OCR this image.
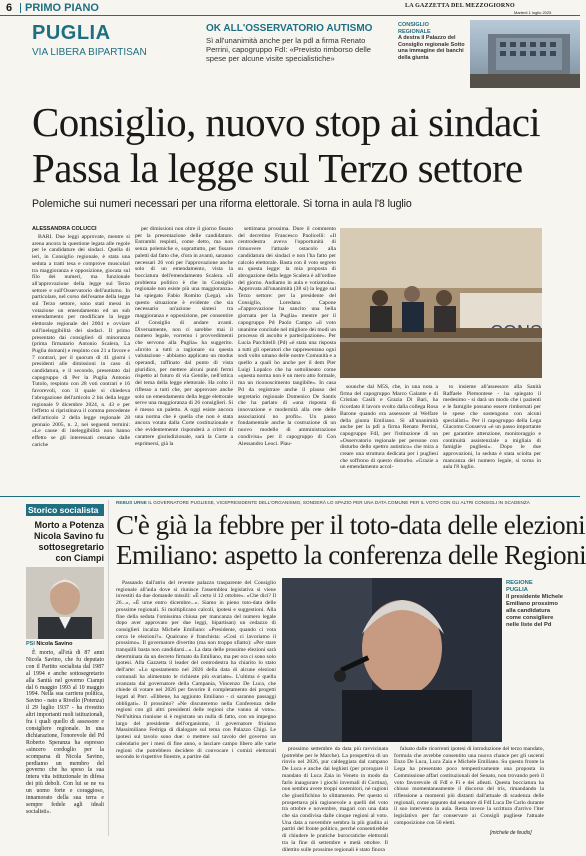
6 PRIMO PIANO	LA GAZZETTA DEL MEZZOGIORNO
Martedì 1 luglio 2025
PUGLIA
VIA LIBERA BIPARTISAN
OK ALL'OSSERVATORIO AUTISMO
Sì all'unanimità anche per la pdl a firma Renato Perrini, capogruppo FdI: «Previsto rimborso delle spese per alcune visite specialistiche»
CONSIGLIO
REGIONALE
A destra il Palazzo del Consiglio regionale Sotto una immagine dei banchi della giunta
Consiglio, nuovo stop ai sindaci
Passa la legge sul Terzo settore
Polemiche sui numeri necessari per una riforma elettorale. Si torna in aula l'8 luglio
ALESSANDRA COLUCCI

BARI. Due leggi approvate, mentre si arena ancora la questione legata alle regole per le candidature dei sindaci. Quella di ieri, in Consiglio regionale, è stata una seduta a tratti tesa e comprovе muscolari tra maggioranza e opposizione, giocata sul filo dei numeri, ma funzionale all'approvazione della legge sul Terzo settore e sull'Osservatorio dell'autismo. In particolare, nel corso dell'esame della legge sul Terzo settore, sono stati messi in votazione un emendamento ed un sub emendamento per modificare la legge elettorale regionale del 2004 e ovviare sull'ineleggibilità dei sindaci. Il primo presentato dai consiglieri di minoranza (prima firmatario Antonio Scalera, La Puglia domani) e respinto con 21 a favore e 7 contrari, per il quorum di 41 giorni i presidenti alle dimissioni in caso di candidatura, e il secondo, presentato dal capogruppo di Per la Puglia Antonio Tutolo, respinto con 28 voti contrari e 16 favorevoli, con il quale si chiedeva l'abrogazione dell'articolo 2 bis della legge regionale 9 dicembre 2024, n. 43 e per l'effetto si ripristinava il comma precedente dell'articolo 2 della legge regionale 28 gennaio 2005, n. 2, nei seguenti termini: «Le cause di ineleggibilità non hanno effetto se gli interessati cessano dalle cariche

per dimissioni non oltre il giorno fissato per la presentazione delle candidature. Entrambi respinti, come detto, ma non senza polemiche e, soprattutto, per fissare paletti dal fatto che, d'ora in avanti, saranno necessari 26 voti per l'approvazione anche solo di un emendamento, vista la bocciatura dell'emendamento Scalera. «Il problema politico è che in Consiglio regionale non esiste più una maggioranza» ha spiegato Fabio Romito (Lega). «In questo situazione è evidente che sia necessario un'azione sintesi tra maggioranza e opposizione, per consentire al Consiglio di andare avanti. Diversamente, non ci sarebbe mai il numero legale, vorremo i provvedimenti che servono alla Puglia» ha suggerito. «Invito a tutti a ragionare su questa valutazione - abbiamo applicato un modus operandi, raffinato dal punto di vista giuridico, per mettere alcuni punti fermi rispetto al futuro di via Gentile, nell'ottica del tema della legge elettorale. Ha colto il riflesso a tutti che, per approvare anche solo un emendamento della legge elettorale serve una maggioranza di 26 consiglieri. Si è messo un paletto. A oggi esiste ancora una norma che è quella che non è stata ancora votata dalla Corte costituzionale e che evidentemente risponderà a criteri di carattere giurisdizionale, sarà la Corte a esprimersi, già la

settimana prossima. Dure il commento del decretino Francesco Paolicelli: «Il centrodestra aveva l'opportunità di rimuovere l'attuale ostacolo alla candidatura dei sindaci e non l'ha fatto per calcolo elettorale. Basta con il voto segreto su questa legge: la mia proposta di abrogazione della legge Scalera è all'ordine del giorno. Andiamo in aula e votiamola». Approvata all'unanimità (38 sì) la legge sul Terzo settore: per la presidente del Consiglio, Loredana Capone «l'approvazione ha sancito una bella giornata per la Puglia» mentre per il capogruppo Pd Paolo Campo «il voto unanime conclude nel migliore dei modi un processo di ascolto e partecipazione». Per Lucia Parchitelli (Pd) «è stata una risposta a tutti gli operatori che rappresentano ogni sodi volto umano delle nostre Comunità e a quello a quali ho anche per il dem Pier Luigi Lopalco che ha sottolineato come «questa norma non è un mero atto formale, ma un riconoscimento tangibile». In casa Pd da registrare anche il plauso del segretario regionale Domenico De Santis che ha parlato di «una risposta di innovazione e modernità alla rete delle associazioni no profit». Un passo fondamentale anche la costruzione di un nuovo modello di amministrazione condivisa» per il capogruppo di Con Alessandro Leoci. Plau-

sounche dal M5S, che, in una nota a firma del capogruppo Marco Galante e di Cristian Casili e Grazia Di Bari, ha ricordato il lavoro svolto dalla collega Rosa Barone quando era assessore al Welfare della giunta Emiliano. Sì all'unanimità anche per la pdl a firma Renato Perrini, capogruppo FdI, per l'istituzione di un «Osservatorio regionale per persone con disturbo dello spettro autistico» che mira a creare una struttura dedicata per i pugliesi che soffrono di questo disturbo. «Grazie a un emendamento accol-

to insieme all'assessore alla Sanità Raffaele Piemontese - ha spiegato il medesimo - si darà un modo che i pazienti e le famiglie possano essere rimborsati per le spese che sostengono con alcuni specialisti». Per il capogruppo della Lega Giacomo Conserva «è un passo importante per garantire attenzione, monitoraggio e continuità assistenziale a migliaia di famiglie pugliesi». Dopo le due approvazioni, la seduta è stata sciolta per mancanza del numero legale, si torna in aula l'8 luglio.

Storico socialista
Morto a Potenza Nicola Savino fu sottosegretario con Ciampi
PSI Nicola Savino

È morto, all'età di 87 anni Nicola Savino, che fu deputato con il Partito socialista dal 1987 al 1994 e anche sottosegretario alla Sanità nel governo Ciampi dal 6 maggio 1993 al 10 maggio 1994. Nella sua carriera politica, Savino - nato a Rivello (Potenza) il 29 luglio 1937 - ha rivestito altri importanti ruoli istituzionali, fra i quali quello di assessore e consigliere regionale. In una dichiarazione, l'onorevole del Pd Roberto Speranza ha espresso «sincero cordoglio per la scomparsa di Nicola Savino, perdiamo un membro del governo che ha speso la sua intera vita istituzionale in difesa dei più deboli. Con lui se ne va un uomo forte e coraggioso, innamorato della sua terra e sempre fedele agli ideali socialisti».

REBUS URNE IL GOVERNATORE PUGLIESE, VICEPRESIDENTE DELL'ORGANISMO, SONDERÀ LO SPAZIO PER UNA DATA COMUNE PER IL VOTO CON GLI ALTRI CONSIGLI IN SCADENZA
C'è già la febbre per il toto-data delle elezioni
Emiliano: aspetto la conferenza delle Regioni

Passando dall'atrio del revente palazzo trasparente del Consiglio regionale all'aula dove si riunisce l'assemblea legislativa si viene investiti da due domande missili: «È certo il 12 ottobre». «Che dici? Il 26...», «È urne entro dicembre...». Siamo in pieno toto-data delle prossime regionali. Si moltiplicano calcoli, ipotesi e suggestioni. Alla fine della seduta l'omissima chiusa per mancanza del numero legale dopo aver approvato per due leggi, bipartisan) un cedazzo di consiglieri incalza Michele Emiliano: «Presidente, quando ci vota cerca le elezioni?». Qualcuno è franchista: «Così ci lavoriamo il prossimo». Il governatore divertito (ma non troppo sfiatto): «Per stare tranquilli basta non candidarsi...». La data delle prossime elezioni sarà determinata da un decreto firmato da Emiliano, ma per ora ci sono solo ipotesi. Alla Gazzetta il leader del centrodestra ha chiarito lo stato dell'arte: «Lo spostamento nel 2026 della data di alcune elezioni comunali ha alimentato le richieste più svariate». L'ultima è quella avanzata dal governatore della Campania, Vincenzo De Luca, che chiede di votare nel 2026 per favorire il completamento dei progetti legati al Pnrr. «Ebbene, ha aggiunto Emiliano - ci saranno passaggi obbligati». Il prossimo? «Ne discuteremo nella Conferenza delle regioni con gli altri presidenti delle regioni che vanno al voto». Nell'ultima riunione si è registrato un nulla di fatto, con un impegno largo del presidente dell'organismo, il governatore friulano Massimiliano Fedriga di dialogare sul tema con Palazzo Chigi. Le ipotesi sul tavolo sono due: o mettere sul tavolo del governo un calendario per i mesi di fine anno, o lasciare campo libero alle varie regioni che potrebbero decidere di convocare i comizi elettorali secondo le rispettive finestre, a partire dal

REGIONE
PUGLIA
Il presidente Michele Emiliano prossimo alla candidatura come consigliere nelle liste del Pd

prossimo settembre da data più ravvicinata (potrebbe per le Marche). La prospettiva di un rinvio nel 2026, pur caldeggiata dal campano De Luca e anche dai leghisti (per prorogare il mandato di Luca Zaia in Veneto in modo da farlo inaugurare i giochi invernali di Cortina), non sembra avere troppi sostenitori, né ragioni che giustifichino lo slittamento. Per questo si prospettava più ragionevole a quelli del voto tra ottobre e novembre, magari con una data che sia condivisa dalle cinque regioni al voto. Una data a novembre sembra la più gradita ai partiti del fronte politico, perché consentirebbe di chiudere le pratiche burocratiche elettorali tra la fine di settembre e metà ottobre. Il dilettito sulle prossime regionali è stato finora

falsato dalle ricorrenti ipotesi di introduzione del terzo mandato, formula che avrebbe consentito una nuova chance per gli uscenti Enzo De Luca, Luca Zaia e Michele Emiliano. Su questo fronte la Lega ha presentato poco tempestivamente una proposta in Commissione affari costituzionali del Senato, non trovando però il voto favorevole di FdI e Fi e dei alleati. Questa bocciatura ha chiuso momentaneamente il discorso del tris, rimandando la riflessione a momenti più distanti dall'attuale di scadenza delle regionali, come appunto dal senatore di FdI Luca De Carlo durante il suo intervento in aula. Resta invece la scrittura d'arrivo l'iter legislativo per far conservare ai Consigli pugliese l'attuale composizione con 50 eletti.

[michele de feudis]
